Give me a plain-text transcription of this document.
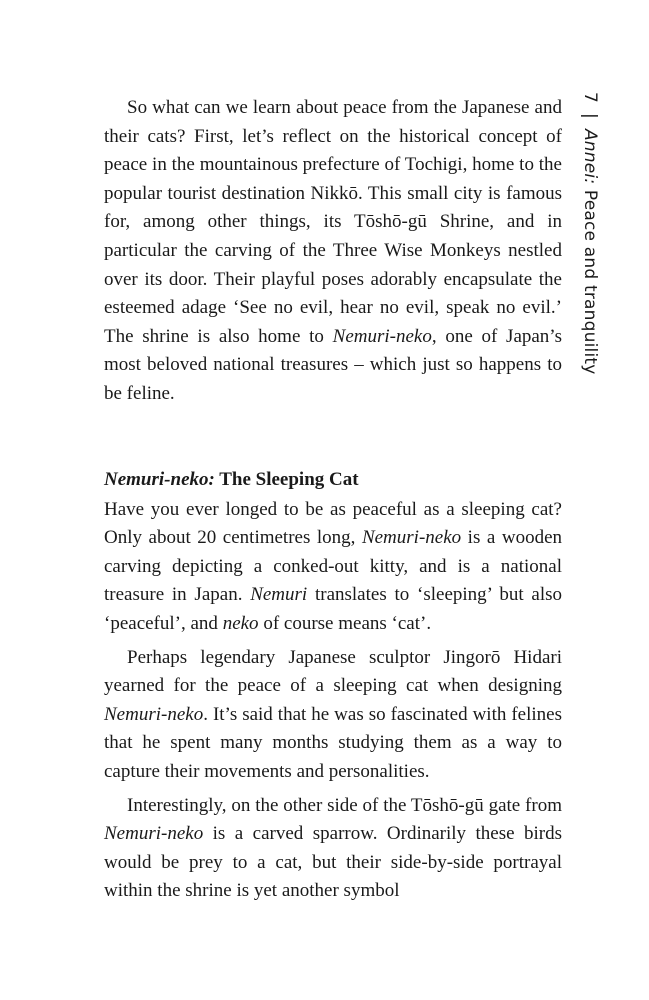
7|Annei: Peace and tranquility

So what can we learn about peace from the Japanese and their cats? First, let’s reflect on the historical concept of peace in the mountainous prefecture of Tochigi, home to the popular tourist destination Nikkō. This small city is famous for, among other things, its Tōshō-gū Shrine, and in particular the carving of the Three Wise Monkeys nestled over its door. Their playful poses adorably encapsulate the esteemed adage ‘See no evil, hear no evil, speak no evil.’ The shrine is also home to Nemuri-neko, one of Japan’s most beloved national treasures – which just so happens to be feline.

Nemuri-neko: The Sleeping Cat

Have you ever longed to be as peaceful as a sleeping cat? Only about 20 centimetres long, Nemuri-neko is a wooden carving depicting a conked-out kitty, and is a national treasure in Japan. Nemuri translates to ‘sleeping’ but also ‘peaceful’, and neko of course means ‘cat’.

Perhaps legendary Japanese sculptor Jingorō Hidari yearned for the peace of a sleeping cat when designing Nemuri-neko. It’s said that he was so fascinated with felines that he spent many months studying them as a way to capture their movements and personalities.

Interestingly, on the other side of the Tōshō-gū gate from Nemuri-neko is a carved sparrow. Ordinarily these birds would be prey to a cat, but their side-by-side portrayal within the shrine is yet another symbol
